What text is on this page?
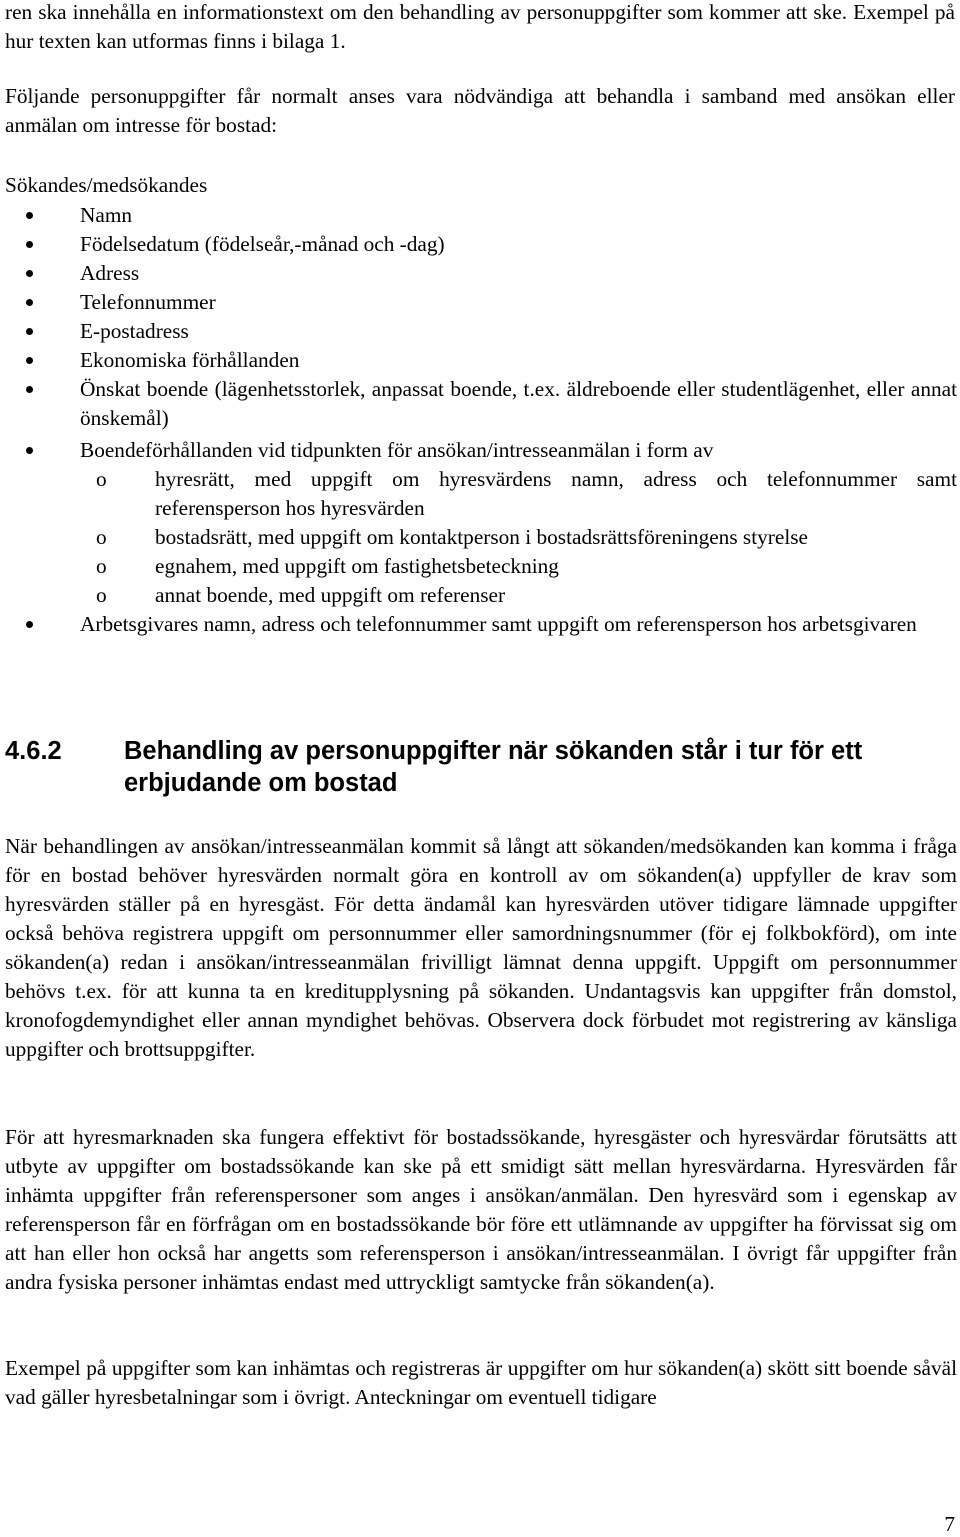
ren ska innehålla en informationstext om den behandling av personuppgifter som kommer att ske. Exempel på hur texten kan utformas finns i bilaga 1.

Följande personuppgifter får normalt anses vara nödvändiga att behandla i samband med ansökan eller anmälan om intresse för bostad:

Sökandes/medsökandes

Namn
Födelsedatum (födelseår,-månad och -dag)
Adress
Telefonnummer
E-postadress
Ekonomiska förhållanden
Önskat boende (lägenhetsstorlek, anpassat boende, t.ex. äldreboende eller studentlägenhet, eller annat önskemål)
Boendeförhållanden vid tidpunkten för ansökan/intresseanmälan i form av
o hyresrätt, med uppgift om hyresvärdens namn, adress och telefonnummer samt referensperson hos hyresvärden
o bostadsrätt, med uppgift om kontaktperson i bostadsrättsföreningens styrelse
o egnahem, med uppgift om fastighetsbeteckning
o annat boende, med uppgift om referenser
Arbetsgivares namn, adress och telefonnummer samt uppgift om referensperson hos arbetsgivaren
4.6.2	Behandling av personuppgifter när sökanden står i tur för ett erbjudande om bostad

När behandlingen av ansökan/intresseanmälan kommit så långt att sökanden/medsökanden kan komma i fråga för en bostad behöver hyresvärden normalt göra en kontroll av om sökanden(a) uppfyller de krav som hyresvärden ställer på en hyresgäst. För detta ändamål kan hyresvärden utöver tidigare lämnade uppgifter också behöva registrera uppgift om personnummer eller samordningsnummer (för ej folkbokförd), om inte sökanden(a) redan i ansökan/intresseanmälan frivilligt lämnat denna uppgift. Uppgift om personnummer behövs t.ex. för att kunna ta en kreditupplysning på sökanden. Undantagsvis kan uppgifter från domstol, kronofogdemyndighet eller annan myndighet behövas. Observera dock förbudet mot registrering av känsliga uppgifter och brottsuppgifter.

För att hyresmarknaden ska fungera effektivt för bostadssökande, hyresgäster och hyresvärdar förutsätts att utbyte av uppgifter om bostadssökande kan ske på ett smidigt sätt mellan hyresvärdarna. Hyresvärden får inhämta uppgifter från referenspersoner som anges i ansökan/anmälan. Den hyresvärd som i egenskap av referensperson får en förfrågan om en bostadssökande bör före ett utlämnande av uppgifter ha förvissat sig om att han eller hon också har angetts som referensperson i ansökan/intresseanmälan. I övrigt får uppgifter från andra fysiska personer inhämtas endast med uttryckligt samtycke från sökanden(a).

Exempel på uppgifter som kan inhämtas och registreras är uppgifter om hur sökanden(a) skött sitt boende såväl vad gäller hyresbetalningar som i övrigt. Anteckningar om eventuell tidigare

7
